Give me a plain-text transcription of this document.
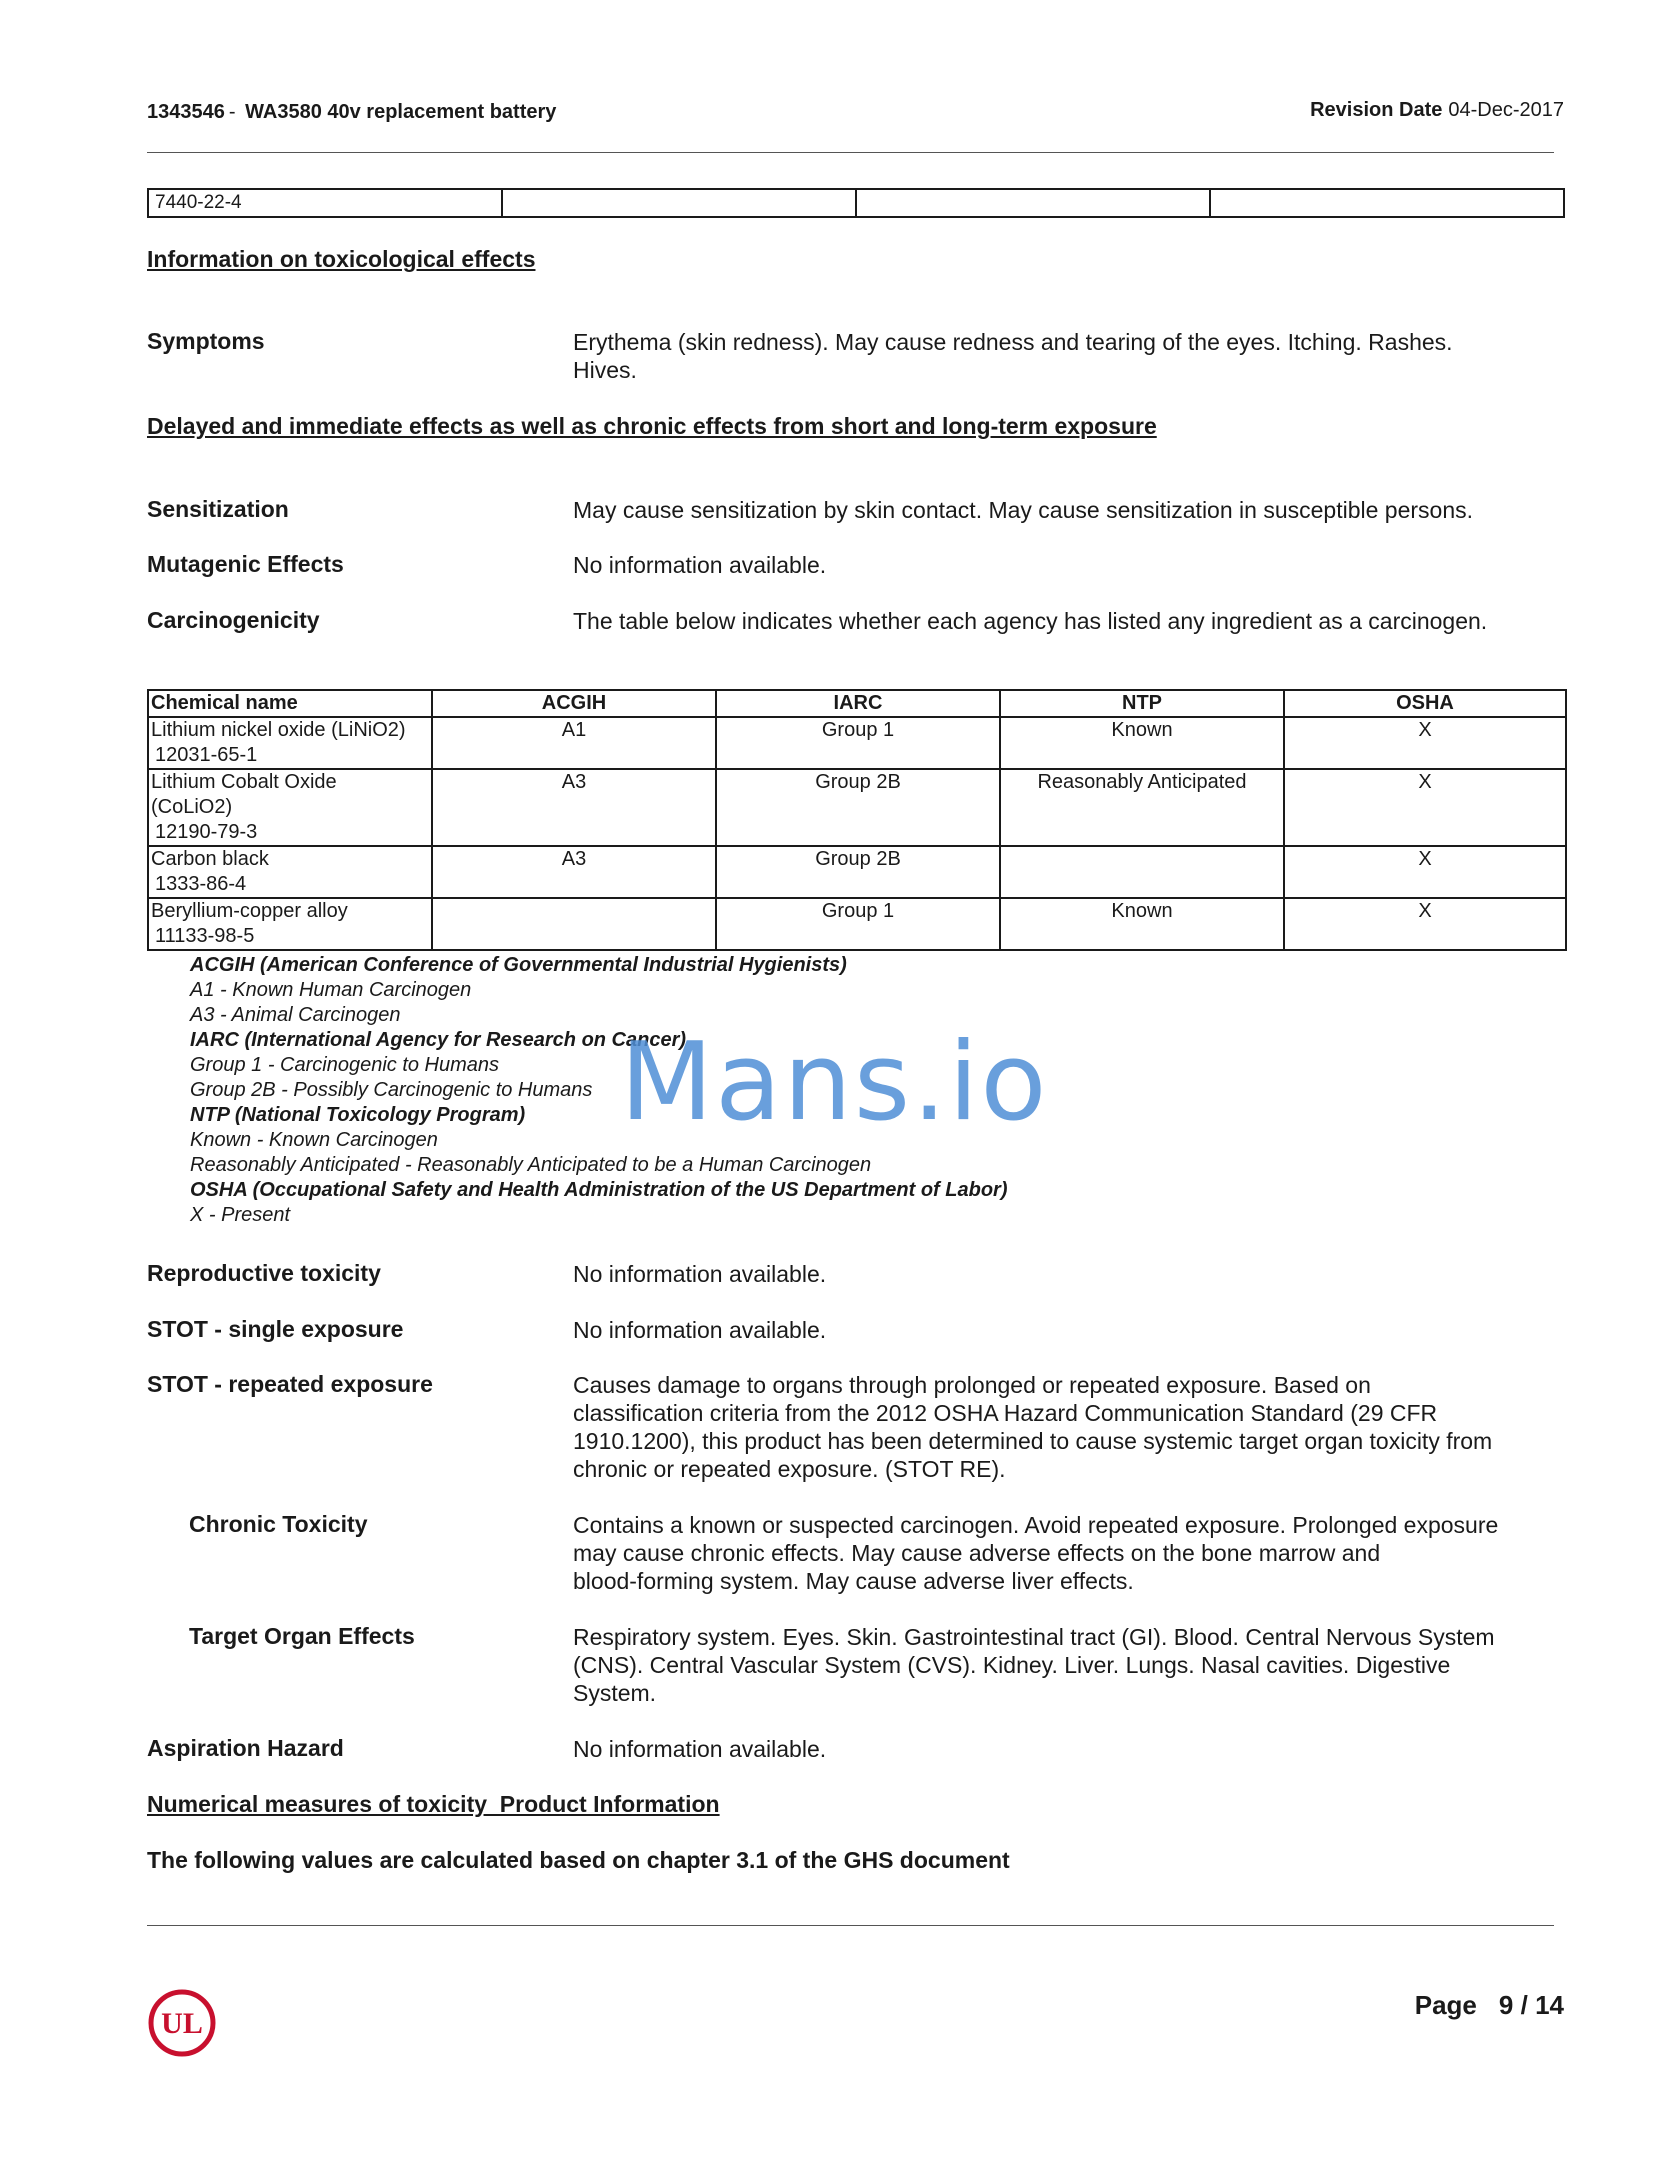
1343546 - WA3580 40v replacement battery	Revision Date 04-Dec-2017
7440-22-4			
Information on toxicological effects
Symptoms	Erythema (skin redness). May cause redness and tearing of the eyes. Itching. Rashes.
Hives.
Delayed and immediate effects as well as chronic effects from short and long-term exposure
Sensitization	May cause sensitization by skin contact. May cause sensitization in susceptible persons.
Mutagenic Effects	No information available.
Carcinogenicity	The table below indicates whether each agency has listed any ingredient as a carcinogen.
Chemical name	ACGIH	IARC	NTP	OSHA

Lithium nickel oxide (LiNiO2)
12031-65-1	A1	Group 1	Known	X

Lithium Cobalt Oxide
(CoLiO2)
12190-79-3	A3	Group 2B	Reasonably Anticipated	X

Carbon black
1333-86-4	A3	Group 2B		X

Beryllium-copper alloy
11133-98-5		Group 1	Known	X
ACGIH (American Conference of Governmental Industrial Hygienists)
A1 - Known Human Carcinogen
A3 - Animal Carcinogen
IARC (International Agency for Research on Cancer)
Group 1 - Carcinogenic to Humans
Group 2B - Possibly Carcinogenic to Humans
NTP (National Toxicology Program)
Known - Known Carcinogen
Reasonably Anticipated - Reasonably Anticipated to be a Human Carcinogen
OSHA (Occupational Safety and Health Administration of the US Department of Labor)
X - Present
Mans.io
Reproductive toxicity	No information available.
STOT - single exposure	No information available.
STOT - repeated exposure	Causes damage to organs through prolonged or repeated exposure. Based on
classification criteria from the 2012 OSHA Hazard Communication Standard (29 CFR
1910.1200), this product has been determined to cause systemic target organ toxicity from
chronic or repeated exposure. (STOT RE).
Chronic Toxicity	Contains a known or suspected carcinogen. Avoid repeated exposure. Prolonged exposure
may cause chronic effects. May cause adverse effects on the bone marrow and
blood-forming system. May cause adverse liver effects.
Target Organ Effects	Respiratory system. Eyes. Skin. Gastrointestinal tract (GI). Blood. Central Nervous System
(CNS). Central Vascular System (CVS). Kidney. Liver. Lungs. Nasal cavities. Digestive
System.
Aspiration Hazard	No information available.
Numerical measures of toxicity  Product Information
The following values are calculated based on chapter 3.1 of the GHS document
UL
Page 9 / 14
